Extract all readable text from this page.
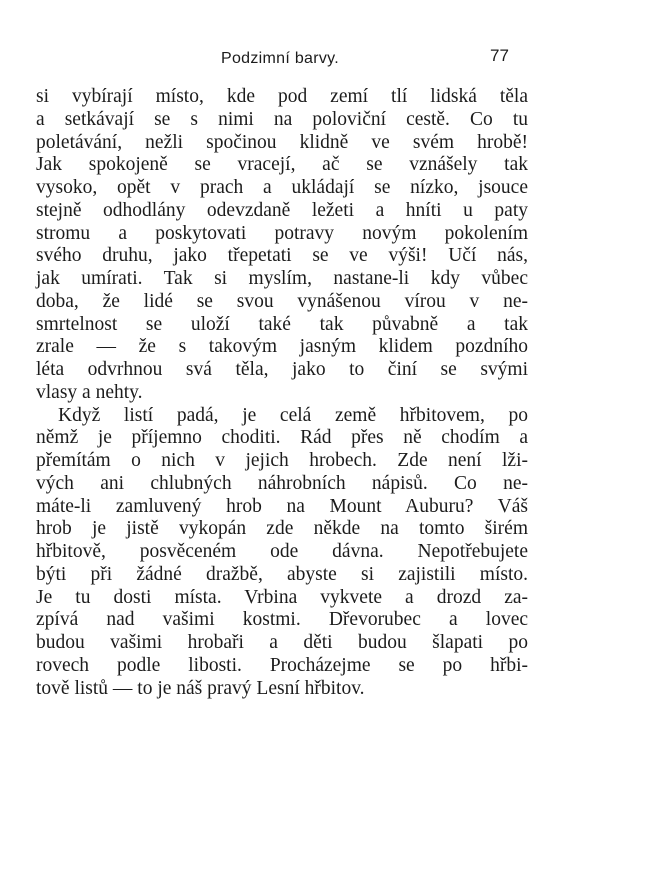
Podzimní barvy.	77
si vybírají místo, kde pod zemí tlí lidská těla
a setkávají se s nimi na poloviční cestě. Co tu
poletávání, nežli spočinou klidně ve svém hrobě!
Jak spokojeně se vracejí, ač se vznášely tak
vysoko, opět v prach a ukládají se nízko, jsouce
stejně odhodlány odevzdaně ležeti a hníti u paty
stromu a poskytovati potravy novým pokolením
svého druhu, jako třepetati se ve výši! Učí nás,
jak umírati. Tak si myslím, nastane-li kdy vůbec
doba, že lidé se svou vynášenou vírou v ne-
smrtelnost se uloží také tak půvabně a tak
zrale — že s takovým jasným klidem pozdního
léta odvrhnou svá těla, jako to činí se svými
vlasy a nehty.
Když listí padá, je celá země hřbitovem, po
němž je příjemno choditi. Rád přes ně chodím a
přemítám o nich v jejich hrobech. Zde není lži-
vých ani chlubných náhrobních nápisů. Co ne-
máte-li zamluvený hrob na Mount Auburu? Váš
hrob je jistě vykopán zde někde na tomto širém
hřbitově, posvěceném ode dávna. Nepotřebujete
býti při žádné dražbě, abyste si zajistili místo.
Je tu dosti místa. Vrbina vykvete a drozd za-
zpívá nad vašimi kostmi. Dřevorubec a lovec
budou vašimi hrobaři a děti budou šlapati po
rovech podle libosti. Procházejme se po hřbi-
tově listů — to je náš pravý Lesní hřbitov.
